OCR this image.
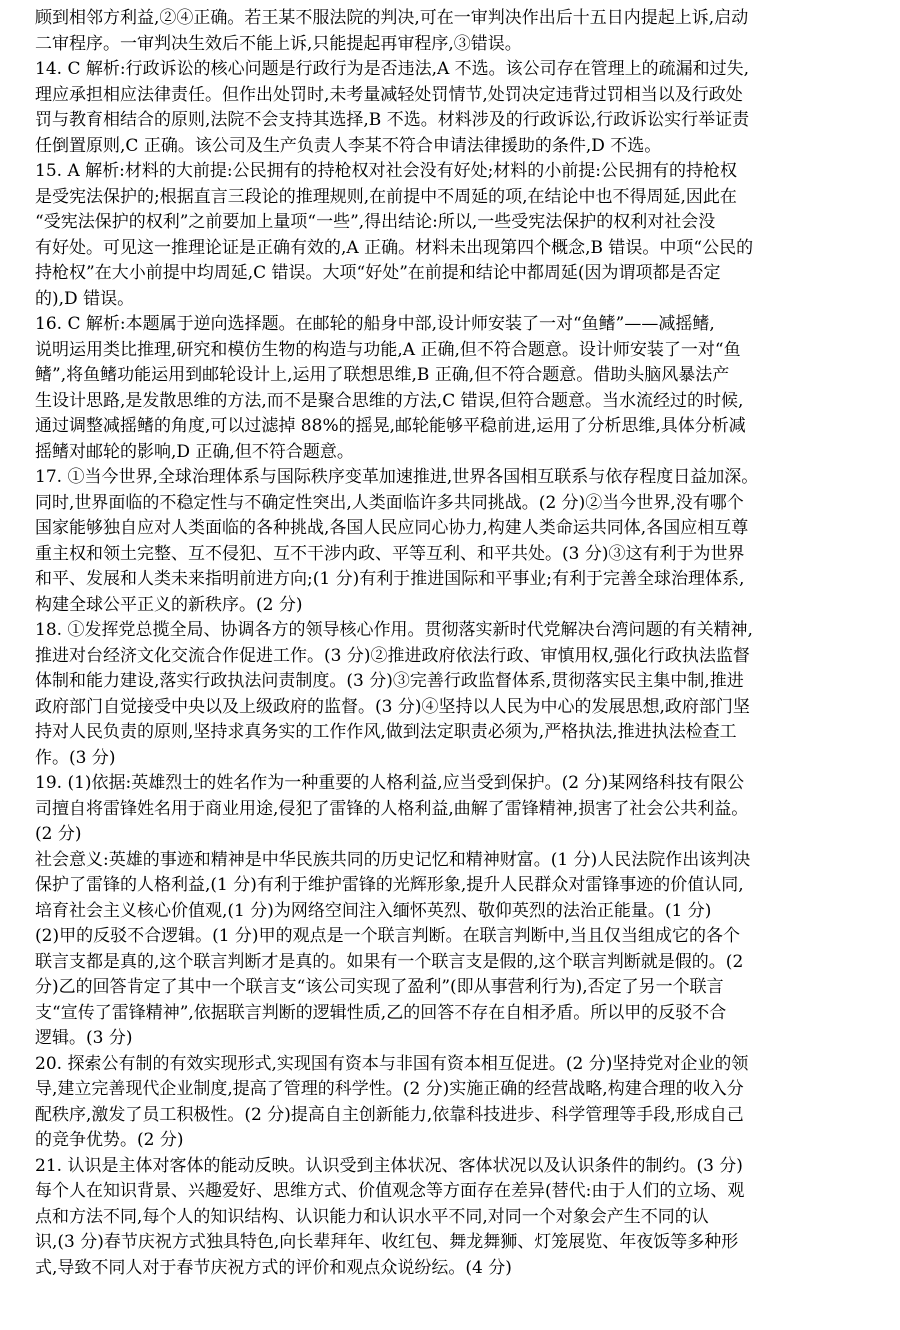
顾到相邻方利益,②④正确。若王某不服法院的判决,可在一审判决作出后十五日内提起上诉,启动
二审程序。一审判决生效后不能上诉,只能提起再审程序,③错误。
14. C 解析:行政诉讼的核心问题是行政行为是否违法,A 不选。该公司存在管理上的疏漏和过失,
理应承担相应法律责任。但作出处罚时,未考量减轻处罚情节,处罚决定违背过罚相当以及行政处
罚与教育相结合的原则,法院不会支持其选择,B 不选。材料涉及的行政诉讼,行政诉讼实行举证责
任倒置原则,C 正确。该公司及生产负责人李某不符合申请法律援助的条件,D 不选。
15. A 解析:材料的大前提:公民拥有的持枪权对社会没有好处;材料的小前提:公民拥有的持枪权
是受宪法保护的;根据直言三段论的推理规则,在前提中不周延的项,在结论中也不得周延,因此在
“受宪法保护的权利”之前要加上量项“一些”,得出结论:所以,一些受宪法保护的权利对社会没
有好处。可见这一推理论证是正确有效的,A 正确。材料未出现第四个概念,B 错误。中项“公民的
持枪权”在大小前提中均周延,C 错误。大项“好处”在前提和结论中都周延(因为谓项都是否定
的),D 错误。
16. C 解析:本题属于逆向选择题。在邮轮的船身中部,设计师安装了一对“鱼鳍”——减摇鳍,
说明运用类比推理,研究和模仿生物的构造与功能,A 正确,但不符合题意。设计师安装了一对“鱼
鳍”,将鱼鳍功能运用到邮轮设计上,运用了联想思维,B 正确,但不符合题意。借助头脑风暴法产
生设计思路,是发散思维的方法,而不是聚合思维的方法,C 错误,但符合题意。当水流经过的时候,
通过调整减摇鳍的角度,可以过滤掉 88%的摇晃,邮轮能够平稳前进,运用了分析思维,具体分析减
摇鳍对邮轮的影响,D 正确,但不符合题意。
17. ①当今世界,全球治理体系与国际秩序变革加速推进,世界各国相互联系与依存程度日益加深。
同时,世界面临的不稳定性与不确定性突出,人类面临许多共同挑战。(2 分)②当今世界,没有哪个
国家能够独自应对人类面临的各种挑战,各国人民应同心协力,构建人类命运共同体,各国应相互尊
重主权和领土完整、互不侵犯、互不干涉内政、平等互利、和平共处。(3 分)③这有利于为世界
和平、发展和人类未来指明前进方向;(1 分)有利于推进国际和平事业;有利于完善全球治理体系,
构建全球公平正义的新秩序。(2 分)
18. ①发挥党总揽全局、协调各方的领导核心作用。贯彻落实新时代党解决台湾问题的有关精神,
推进对台经济文化交流合作促进工作。(3 分)②推进政府依法行政、审慎用权,强化行政执法监督
体制和能力建设,落实行政执法问责制度。(3 分)③完善行政监督体系,贯彻落实民主集中制,推进
政府部门自觉接受中央以及上级政府的监督。(3 分)④坚持以人民为中心的发展思想,政府部门坚
持对人民负责的原则,坚持求真务实的工作作风,做到法定职责必须为,严格执法,推进执法检查工
作。(3 分)
19. (1)依据:英雄烈士的姓名作为一种重要的人格利益,应当受到保护。(2 分)某网络科技有限公
司擅自将雷锋姓名用于商业用途,侵犯了雷锋的人格利益,曲解了雷锋精神,损害了社会公共利益。
(2 分)
社会意义:英雄的事迹和精神是中华民族共同的历史记忆和精神财富。(1 分)人民法院作出该判决
保护了雷锋的人格利益,(1 分)有利于维护雷锋的光辉形象,提升人民群众对雷锋事迹的价值认同,
培育社会主义核心价值观,(1 分)为网络空间注入缅怀英烈、敬仰英烈的法治正能量。(1 分)
(2)甲的反驳不合逻辑。(1 分)甲的观点是一个联言判断。在联言判断中,当且仅当组成它的各个
联言支都是真的,这个联言判断才是真的。如果有一个联言支是假的,这个联言判断就是假的。(2
分)乙的回答肯定了其中一个联言支“该公司实现了盈利”(即从事营利行为),否定了另一个联言
支“宣传了雷锋精神”,依据联言判断的逻辑性质,乙的回答不存在自相矛盾。所以甲的反驳不合
逻辑。(3 分)
20. 探索公有制的有效实现形式,实现国有资本与非国有资本相互促进。(2 分)坚持党对企业的领
导,建立完善现代企业制度,提高了管理的科学性。(2 分)实施正确的经营战略,构建合理的收入分
配秩序,激发了员工积极性。(2 分)提高自主创新能力,依靠科技进步、科学管理等手段,形成自己
的竞争优势。(2 分)
21. 认识是主体对客体的能动反映。认识受到主体状况、客体状况以及认识条件的制约。(3 分)
每个人在知识背景、兴趣爱好、思维方式、价值观念等方面存在差异(替代:由于人们的立场、观
点和方法不同,每个人的知识结构、认识能力和认识水平不同,对同一个对象会产生不同的认
识,(3 分)春节庆祝方式独具特色,向长辈拜年、收红包、舞龙舞狮、灯笼展览、年夜饭等多种形
式,导致不同人对于春节庆祝方式的评价和观点众说纷纭。(4 分)
